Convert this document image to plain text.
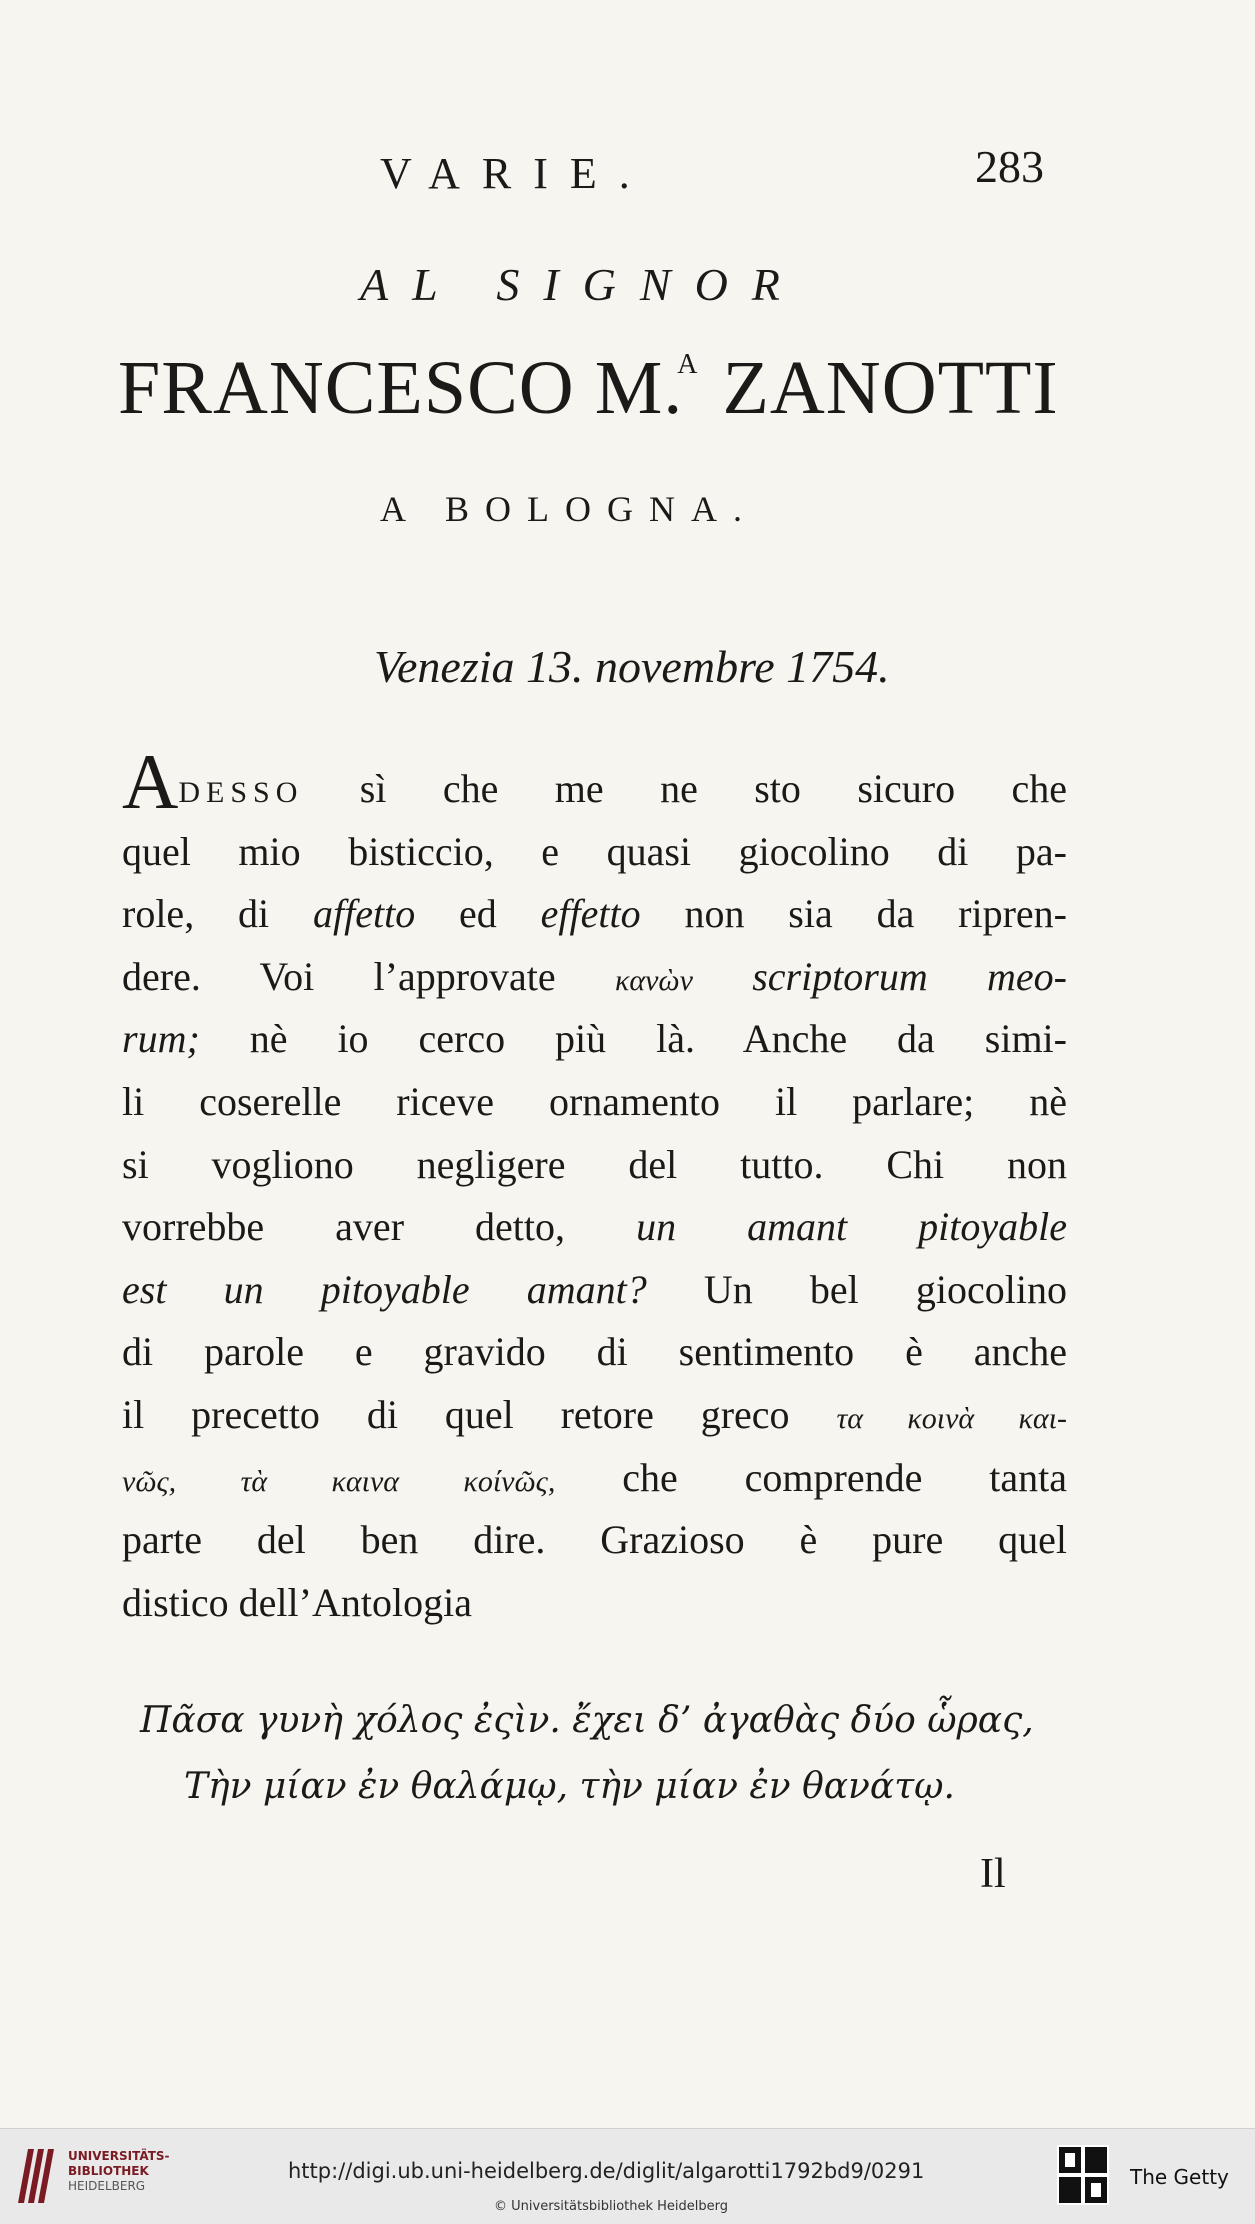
VARIE.	283
AL SIGNOR
FRANCESCO M.$^A$ ZANOTTI
A BOLOGNA.
Venezia 13. novembre 1754.
ADESSO sì che me ne sto sicuro che
quel mio bisticcio, e quasi giocolino di pa-
role, di affetto ed effetto non sia da ripren-
dere. Voi l’approvate κανὼν scriptorum meo-
rum; nè io cerco più là. Anche da simi-
li coserelle riceve ornamento il parlare; nè
si vogliono negligere del tutto. Chi non
vorrebbe aver detto, un amant pitoyable
est un pitoyable amant? Un bel giocolino
di parole e gravido di sentimento è anche
il precetto di quel retore greco τα κοινὰ και-
νῶς, τὰ καινα κοίνῶς, che comprende tanta
parte del ben dire. Grazioso è pure quel
distico dell’Antologia
Πᾶσα γυνὴ χόλος ἐςὶν. ἔχει δ’ ἀγαθὰς δύο ὧρας,
Τὴν μίαν ἐν θαλάμῳ, τὴν μίαν ἐν θανάτῳ.
Il
UNIVERSITÄTS-
BIBLIOTHEK
HEIDELBERG
http://digi.ub.uni-heidelberg.de/diglit/algarotti1792bd9/0291
© Universitätsbibliothek Heidelberg
The Getty
